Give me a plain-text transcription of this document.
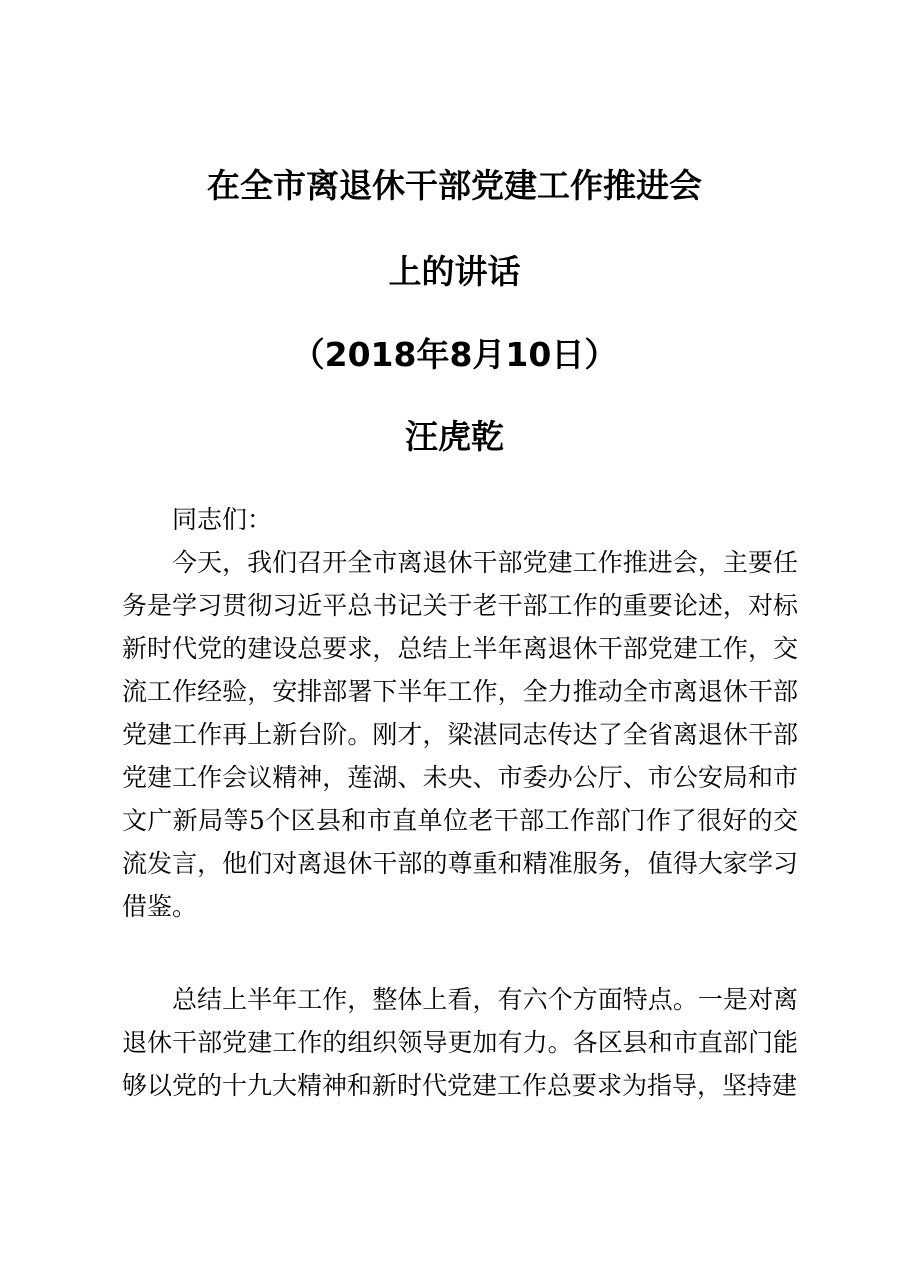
在全市离退休干部党建工作推进会
上的讲话
（2018年8月10日）
汪虎乾

同志们：

今天，我们召开全市离退休干部党建工作推进会，主要任务是学习贯彻习近平总书记关于老干部工作的重要论述，对标新时代党的建设总要求，总结上半年离退休干部党建工作，交流工作经验，安排部署下半年工作，全力推动全市离退休干部党建工作再上新台阶。刚才，梁湛同志传达了全省离退休干部党建工作会议精神，莲湖、未央、市委办公厅、市公安局和市文广新局等5个区县和市直单位老干部工作部门作了很好的交流发言，他们对离退休干部的尊重和精准服务，值得大家学习借鉴。

总结上半年工作，整体上看，有六个方面特点。一是对离退休干部党建工作的组织领导更加有力。各区县和市直部门能够以党的十九大精神和新时代党建工作总要求为指导，坚持建
